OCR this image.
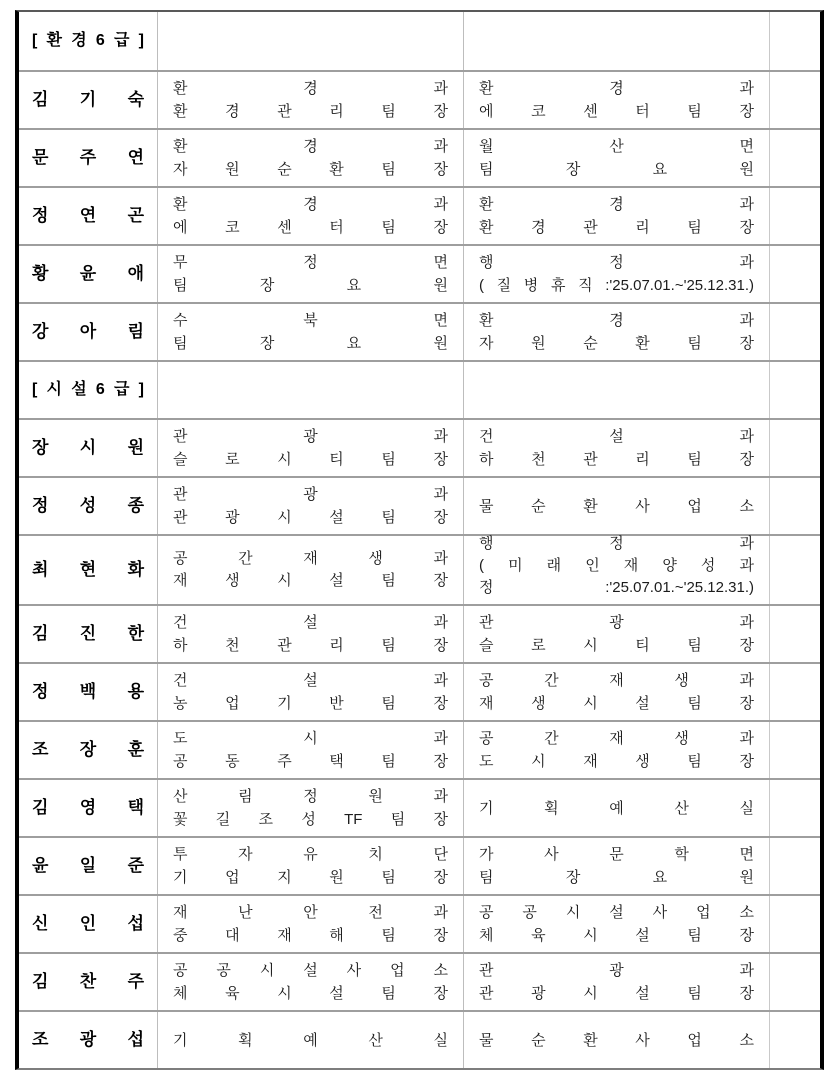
[ 환 경 6 급 ]
김 기 숙
환 경 과
환 경 관 리 팀 장
환 경 과
에 코 센 터 팀 장
문 주 연
환 경 과
자 원 순 환 팀 장
월 산 면
팀 장 요 원
정 연 곤
환 경 과
에 코 센 터 팀 장
환 경 과
환 경 관 리 팀 장
황 윤 애
무 정 면
팀 장 요 원
행 정 과
( 질 병 휴 직 :'25.07.01.~'25.12.31.)
강 아 림
수 북 면
팀 장 요 원
환 경 과
자 원 순 환 팀 장
[ 시 설 6 급 ]
장 시 원
관 광 과
슬 로 시 티 팀 장
건 설 과
하 천 관 리 팀 장
정 성 종
관 광 과
관 광 시 설 팀 장
물 순 환 사 업 소
최 현 화
공 간 재 생 과
재 생 시 설 팀 장
행 정 과
( 미 래 인 재 양 성 과
정 :'25.07.01.~'25.12.31.)
김 진 한
건 설 과
하 천 관 리 팀 장
관 광 과
슬 로 시 티 팀 장
정 백 용
건 설 과
농 업 기 반 팀 장
공 간 재 생 과
재 생 시 설 팀 장
조 장 훈
도 시 과
공 동 주 택 팀 장
공 간 재 생 과
도 시 재 생 팀 장
김 영 택
산 림 정 원 과
꽃 길 조 성 TF 팀 장
기 획 예 산 실
윤 일 준
투 자 유 치 단
기 업 지 원 팀 장
가 사 문 학 면
팀 장 요 원
신 인 섭
재 난 안 전 과
중 대 재 해 팀 장
공 공 시 설 사 업 소
체 육 시 설 팀 장
김 찬 주
공 공 시 설 사 업 소
체 육 시 설 팀 장
관 광 과
관 광 시 설 팀 장
조 광 섭 기 획 예 산 실 물 순 환 사 업 소
